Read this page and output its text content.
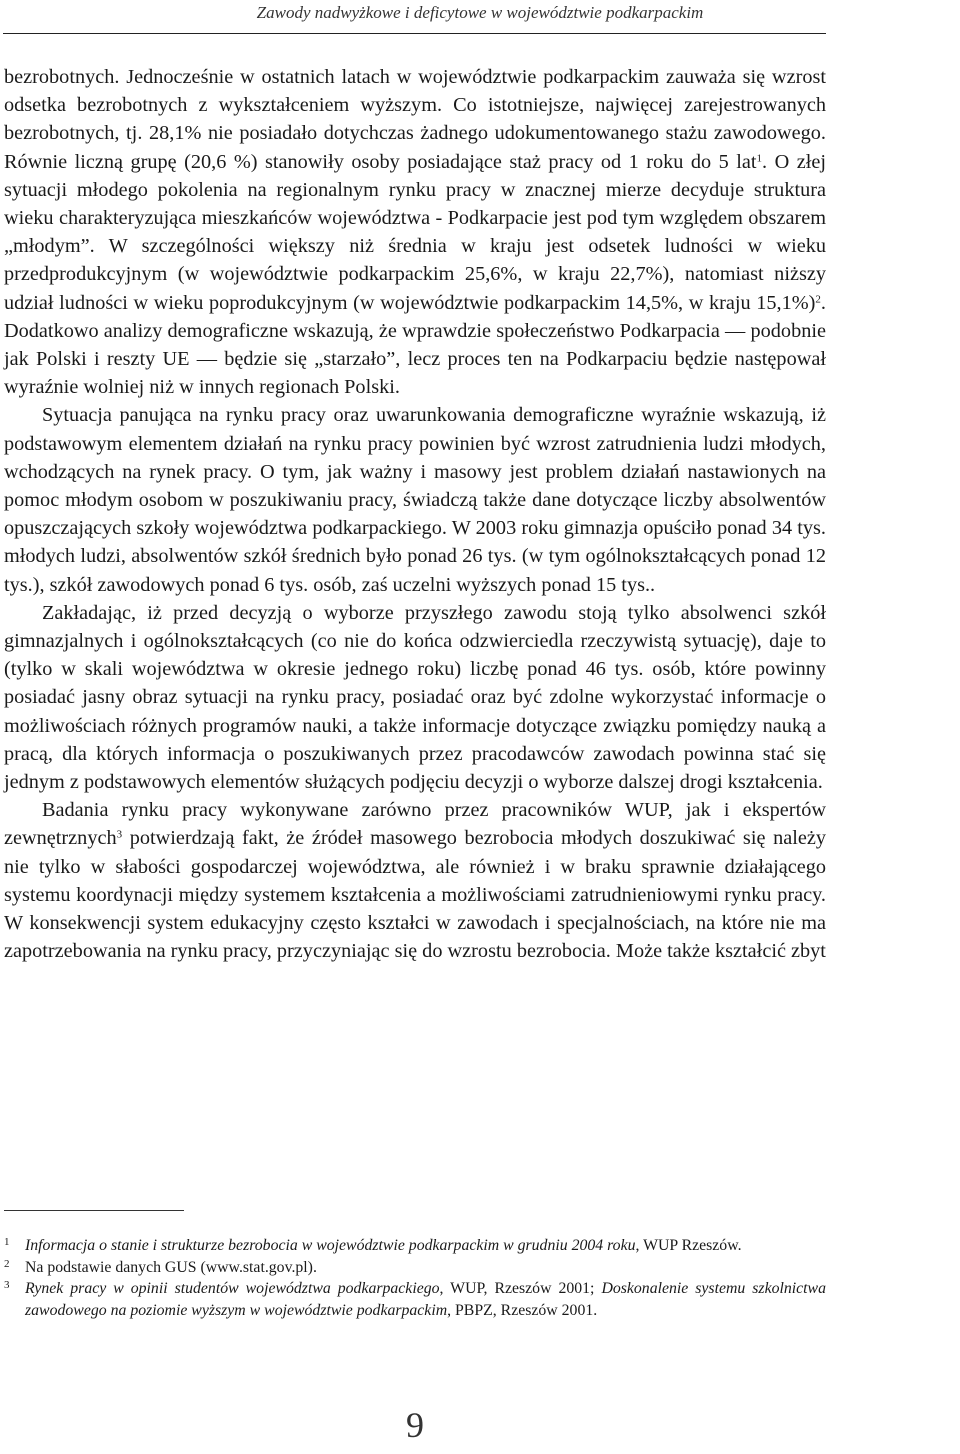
Zawody nadwyżkowe i deficytowe w województwie podkarpackim

bezrobotnych. Jednocześnie w ostatnich latach w województwie podkarpackim zauważa się wzrost odsetka bezrobotnych z wykształceniem wyższym. Co istotniejsze, najwięcej zarejestrowanych bezrobotnych, tj. 28,1% nie posiadało dotychczas żadnego udokumentowanego stażu zawodowego. Równie liczną grupę (20,6 %) stanowiły osoby posiadające staż pracy od 1 roku do 5 lat$^1$. O złej sytuacji młodego pokolenia na regionalnym rynku pracy w znacznej mierze decyduje struktura wieku charakteryzująca mieszkańców województwa - Podkarpacie jest pod tym względem obszarem „młodym”. W szczególności większy niż średnia w kraju jest odsetek ludności w wieku przedprodukcyjnym (w województwie podkarpackim 25,6%, w kraju 22,7%), natomiast niższy udział ludności w wieku poprodukcyjnym (w województwie podkarpackim 14,5%, w kraju 15,1%)$^2$. Dodatkowo analizy demograficzne wskazują, że wprawdzie społeczeństwo Podkarpacia — podobnie jak Polski i reszty UE — będzie się „starzało”, lecz proces ten na Podkarpaciu będzie następował wyraźnie wolniej niż w innych regionach Polski.

Sytuacja panująca na rynku pracy oraz uwarunkowania demograficzne wyraźnie wskazują, iż podstawowym elementem działań na rynku pracy powinien być wzrost zatrudnienia ludzi młodych, wchodzących na rynek pracy. O tym, jak ważny i masowy jest problem działań nastawionych na pomoc młodym osobom w poszukiwaniu pracy, świadczą także dane dotyczące liczby absolwentów opuszczających szkoły województwa podkarpackiego. W 2003 roku gimnazja opuściło ponad 34 tys. młodych ludzi, absolwentów szkół średnich było ponad 26 tys. (w tym ogólnokształcących ponad 12 tys.), szkół zawodowych ponad 6 tys. osób, zaś uczelni wyższych ponad 15 tys..

Zakładając, iż przed decyzją o wyborze przyszłego zawodu stoją tylko absolwenci szkół gimnazjalnych i ogólnokształcących (co nie do końca odzwierciedla rzeczywistą sytuację), daje to (tylko w skali województwa w okresie jednego roku) liczbę ponad 46 tys. osób, które powinny posiadać jasny obraz sytuacji na rynku pracy, posiadać oraz być zdolne wykorzystać informacje o możliwościach różnych programów nauki, a także informacje dotyczące związku pomiędzy nauką a pracą, dla których informacja o poszukiwanych przez pracodawców zawodach powinna stać się jednym z podstawowych elementów służących podjęciu decyzji o wyborze dalszej drogi kształcenia.

Badania rynku pracy wykonywane zarówno przez pracowników WUP, jak i ekspertów zewnętrznych$^3$ potwierdzają fakt, że źródeł masowego bezrobocia młodych doszukiwać się należy nie tylko w słabości gospodarczej województwa, ale również i w braku sprawnie działającego systemu koordynacji między systemem kształcenia a możliwościami zatrudnieniowymi rynku pracy. W konsekwencji system edukacyjny często kształci w zawodach i specjalnościach, na które nie ma zapotrzebowania na rynku pracy, przyczyniając się do wzrostu bezrobocia. Może także kształcić zbyt

1 Informacja o stanie i strukturze bezrobocia w województwie podkarpackim w grudniu 2004 roku, WUP Rzeszów.
2 Na podstawie danych GUS (www.stat.gov.pl).
3 Rynek pracy w opinii studentów województwa podkarpackiego, WUP, Rzeszów 2001; Doskonalenie systemu szkolnictwa zawodowego na poziomie wyższym w województwie podkarpackim, PBPZ, Rzeszów 2001.
9
